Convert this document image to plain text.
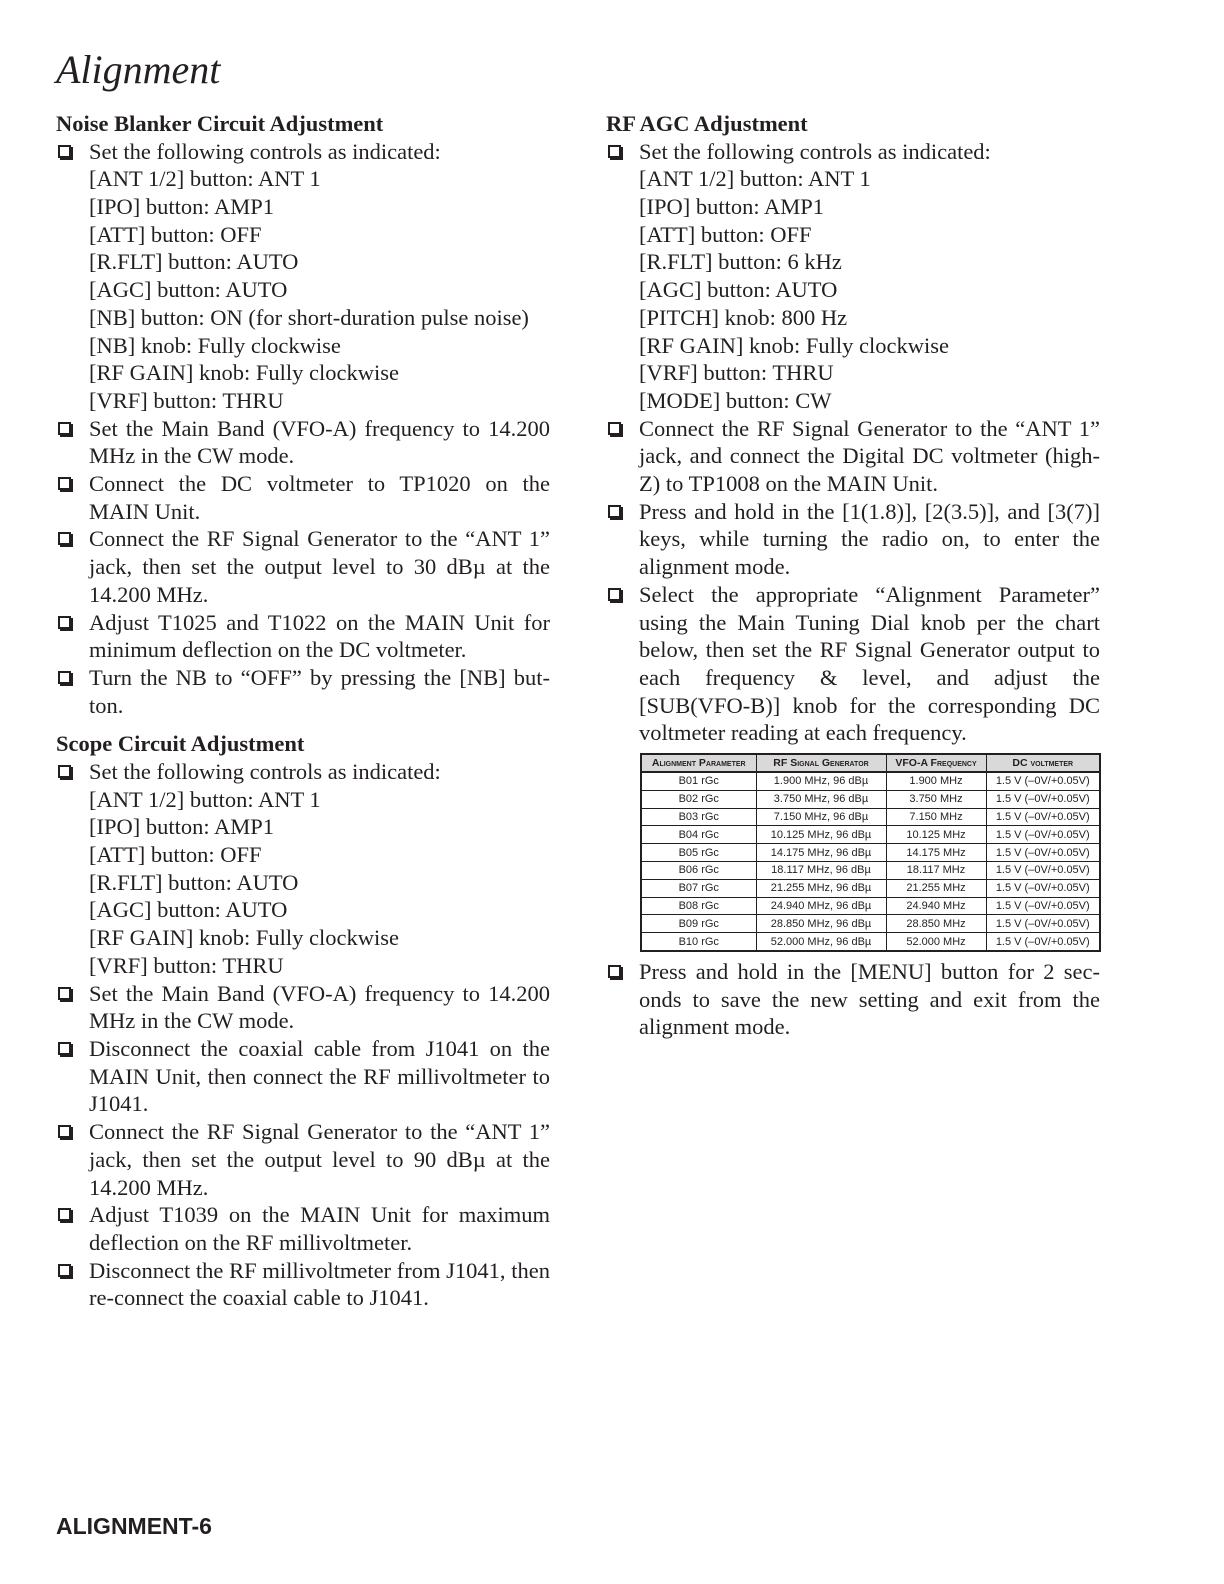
Alignment
Noise Blanker Circuit Adjustment
Set the following controls as indicated:
[ANT 1/2] button: ANT 1
[IPO] button: AMP1
[ATT] button: OFF
[R.FLT] button: AUTO
[AGC] button: AUTO
[NB] button: ON (for short-duration pulse noise)
[NB] knob: Fully clockwise
[RF GAIN] knob: Fully clockwise
[VRF] button: THRU
Set the Main Band (VFO-A) frequency to 14.200 MHz in the CW mode.
Connect the DC voltmeter to TP1020 on the MAIN Unit.
Connect the RF Signal Generator to the “ANT 1” jack, then set the output level to 30 dBµ at the 14.200 MHz.
Adjust T1025 and T1022 on the MAIN Unit for minimum deflection on the DC voltmeter.
Turn the NB to “OFF” by pressing the [NB] button.
Scope Circuit Adjustment
Set the following controls as indicated:
[ANT 1/2] button: ANT 1
[IPO] button: AMP1
[ATT] button: OFF
[R.FLT] button: AUTO
[AGC] button: AUTO
[RF GAIN] knob: Fully clockwise
[VRF] button: THRU
Set the Main Band (VFO-A) frequency to 14.200 MHz in the CW mode.
Disconnect the coaxial cable from J1041 on the MAIN Unit, then connect the RF millivoltmeter to J1041.
Connect the RF Signal Generator to the “ANT 1” jack, then set the output level to 90 dBµ at the 14.200 MHz.
Adjust T1039 on the MAIN Unit for maximum deflection on the RF millivoltmeter.
Disconnect the RF millivoltmeter from J1041, then re-connect the coaxial cable to J1041.
RF AGC Adjustment
Set the following controls as indicated:
[ANT 1/2] button: ANT 1
[IPO] button: AMP1
[ATT] button: OFF
[R.FLT] button: 6 kHz
[AGC] button: AUTO
[PITCH] knob: 800 Hz
[RF GAIN] knob: Fully clockwise
[VRF] button: THRU
[MODE] button: CW
Connect the RF Signal Generator to the “ANT 1” jack, and connect the Digital DC voltmeter (high-Z) to TP1008 on the MAIN Unit.
Press and hold in the [1(1.8)], [2(3.5)], and [3(7)] keys, while turning the radio on, to enter the alignment mode.
Select the appropriate “Alignment Parameter” using the Main Tuning Dial knob per the chart below, then set the RF Signal Generator output to each frequency & level, and adjust the [SUB(VFO-B)] knob for the corresponding DC voltmeter reading at each frequency.
Alignment Parameter	RF Signal Generator	VFO-A Frequency	DC voltmeter
B01 rGc	1.900 MHz, 96 dBµ	1.900 MHz	1.5 V (–0V/+0.05V)
B02 rGc	3.750 MHz, 96 dBµ	3.750 MHz	1.5 V (–0V/+0.05V)
B03 rGc	7.150 MHz, 96 dBµ	7.150 MHz	1.5 V (–0V/+0.05V)
B04 rGc	10.125 MHz, 96 dBµ	10.125 MHz	1.5 V (–0V/+0.05V)
B05 rGc	14.175 MHz, 96 dBµ	14.175 MHz	1.5 V (–0V/+0.05V)
B06 rGc	18.117 MHz, 96 dBµ	18.117 MHz	1.5 V (–0V/+0.05V)
B07 rGc	21.255 MHz, 96 dBµ	21.255 MHz	1.5 V (–0V/+0.05V)
B08 rGc	24.940 MHz, 96 dBµ	24.940 MHz	1.5 V (–0V/+0.05V)
B09 rGc	28.850 MHz, 96 dBµ	28.850 MHz	1.5 V (–0V/+0.05V)
B10 rGc	52.000 MHz, 96 dBµ	52.000 MHz	1.5 V (–0V/+0.05V)
Press and hold in the [MENU] button for 2 seconds to save the new setting and exit from the alignment mode.

ALIGNMENT-6
